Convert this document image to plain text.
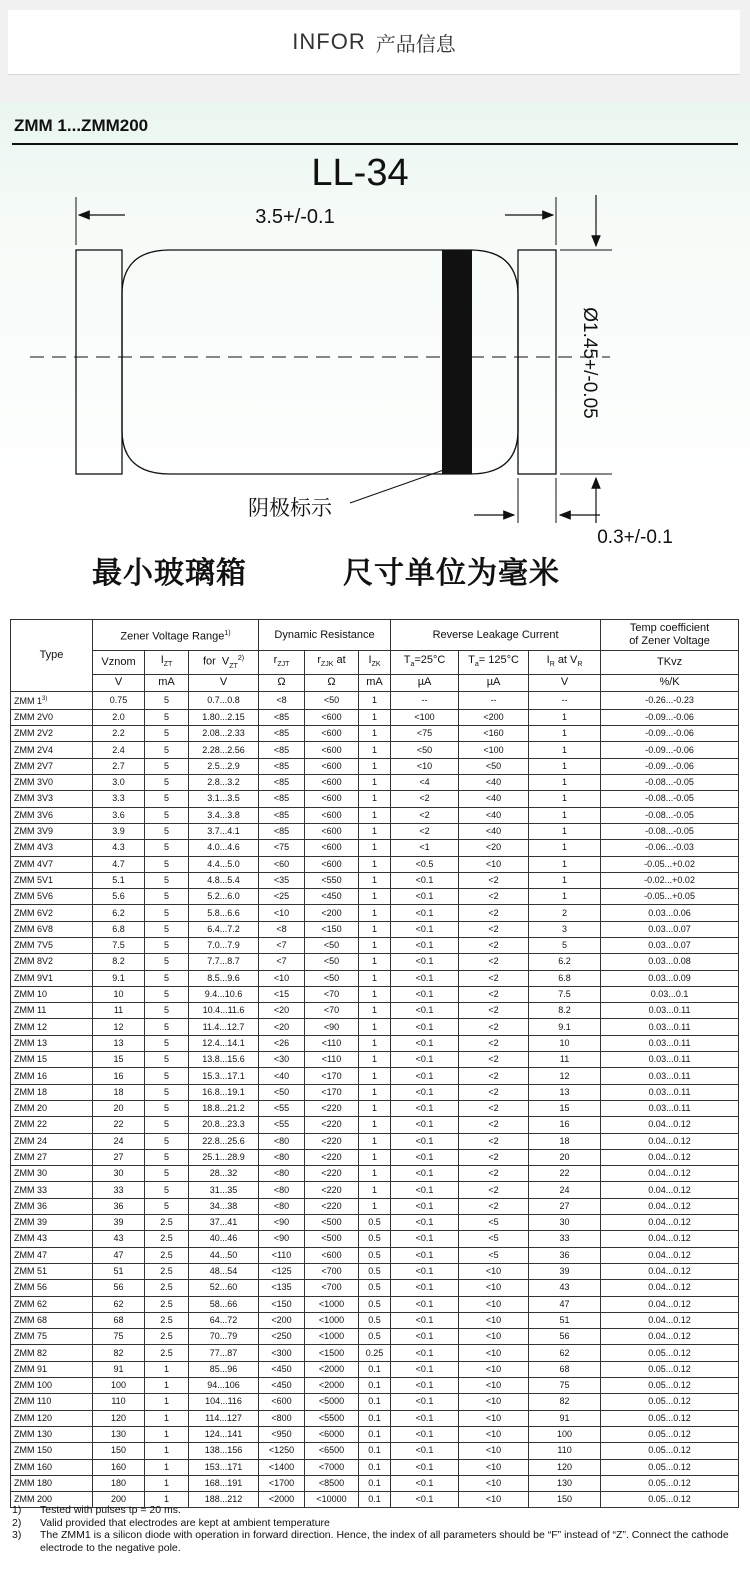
INFOR 产品信息
ZMM 1...ZMM200
LL-34
3.5+/-0.1
Ø1.45+/-0.05
0.3+/-0.1
阴极标示
最小玻璃箱	尺寸单位为毫米
Type	Zener Voltage Range$^{1)}$			Dynamic Resistance			Reverse Leakage Current			Temp coefficient
of Zener Voltage
	Vznom	$I_{ZT}$	for  $V_{ZT}^{2)}$	$r_{ZJT}$	$r_{ZJK}$ at	$I_{ZK}$	$T_a=25^\circ C$	$T_a= 125^\circ C$	$I_R$ at $V_R$	TKvz
	V	mA	V	Ω	Ω	mA	µA	µA	V	%/K
ZMM 1$^{3)}$	0.75	5	0.7...0.8	<8	<50	1	--	--	--	-0.26...-0.23
ZMM 2V0	2.0	5	1.80...2.15	<85	<600	1	<100	<200	1	-0.09...-0.06
ZMM 2V2	2.2	5	2.08...2.33	<85	<600	1	<75	<160	1	-0.09...-0.06
ZMM 2V4	2.4	5	2.28...2.56	<85	<600	1	<50	<100	1	-0.09...-0.06
ZMM 2V7	2.7	5	2.5...2.9	<85	<600	1	<10	<50	1	-0.09...-0.06
ZMM 3V0	3.0	5	2.8...3.2	<85	<600	1	<4	<40	1	-0.08...-0.05
ZMM 3V3	3.3	5	3.1...3.5	<85	<600	1	<2	<40	1	-0.08...-0.05
ZMM 3V6	3.6	5	3.4...3.8	<85	<600	1	<2	<40	1	-0.08...-0.05
ZMM 3V9	3.9	5	3.7...4.1	<85	<600	1	<2	<40	1	-0.08...-0.05
ZMM 4V3	4.3	5	4.0...4.6	<75	<600	1	<1	<20	1	-0.06...-0.03
ZMM 4V7	4.7	5	4.4...5.0	<60	<600	1	<0.5	<10	1	-0.05...+0.02
ZMM 5V1	5.1	5	4.8...5.4	<35	<550	1	<0.1	<2	1	-0.02...+0.02
ZMM 5V6	5.6	5	5.2...6.0	<25	<450	1	<0.1	<2	1	-0.05...+0.05
ZMM 6V2	6.2	5	5.8...6.6	<10	<200	1	<0.1	<2	2	0.03...0.06
ZMM 6V8	6.8	5	6.4...7.2	<8	<150	1	<0.1	<2	3	0.03...0.07
ZMM 7V5	7.5	5	7.0...7.9	<7	<50	1	<0.1	<2	5	0.03...0.07
ZMM 8V2	8.2	5	7.7...8.7	<7	<50	1	<0.1	<2	6.2	0.03...0.08
ZMM 9V1	9.1	5	8.5...9.6	<10	<50	1	<0.1	<2	6.8	0.03...0.09
ZMM 10	10	5	9.4...10.6	<15	<70	1	<0.1	<2	7.5	0.03...0.1
ZMM 11	11	5	10.4...11.6	<20	<70	1	<0.1	<2	8.2	0.03...0.11
ZMM 12	12	5	11.4...12.7	<20	<90	1	<0.1	<2	9.1	0.03...0.11
ZMM 13	13	5	12.4...14.1	<26	<110	1	<0.1	<2	10	0.03...0.11
ZMM 15	15	5	13.8...15.6	<30	<110	1	<0.1	<2	11	0.03...0.11
ZMM 16	16	5	15.3...17.1	<40	<170	1	<0.1	<2	12	0.03...0.11
ZMM 18	18	5	16.8...19.1	<50	<170	1	<0.1	<2	13	0.03...0.11
ZMM 20	20	5	18.8...21.2	<55	<220	1	<0.1	<2	15	0.03...0.11
ZMM 22	22	5	20.8...23.3	<55	<220	1	<0.1	<2	16	0.04...0.12
ZMM 24	24	5	22.8...25.6	<80	<220	1	<0.1	<2	18	0.04...0.12
ZMM 27	27	5	25.1...28.9	<80	<220	1	<0.1	<2	20	0.04...0.12
ZMM 30	30	5	28...32	<80	<220	1	<0.1	<2	22	0.04...0.12
ZMM 33	33	5	31...35	<80	<220	1	<0.1	<2	24	0.04...0.12
ZMM 36	36	5	34...38	<80	<220	1	<0.1	<2	27	0.04...0.12
ZMM 39	39	2.5	37...41	<90	<500	0.5	<0.1	<5	30	0.04...0.12
ZMM 43	43	2.5	40...46	<90	<500	0.5	<0.1	<5	33	0.04...0.12
ZMM 47	47	2.5	44...50	<110	<600	0.5	<0.1	<5	36	0.04...0.12
ZMM 51	51	2.5	48...54	<125	<700	0.5	<0.1	<10	39	0.04...0.12
ZMM 56	56	2.5	52...60	<135	<700	0.5	<0.1	<10	43	0.04...0.12
ZMM 62	62	2.5	58...66	<150	<1000	0.5	<0.1	<10	47	0.04...0.12
ZMM 68	68	2.5	64...72	<200	<1000	0.5	<0.1	<10	51	0.04...0.12
ZMM 75	75	2.5	70...79	<250	<1000	0.5	<0.1	<10	56	0.04...0.12
ZMM 82	82	2.5	77...87	<300	<1500	0.25	<0.1	<10	62	0.05...0.12
ZMM 91	91	1	85...96	<450	<2000	0.1	<0.1	<10	68	0.05...0.12
ZMM 100	100	1	94...106	<450	<2000	0.1	<0.1	<10	75	0.05...0.12
ZMM 110	110	1	104...116	<600	<5000	0.1	<0.1	<10	82	0.05...0.12
ZMM 120	120	1	114...127	<800	<5500	0.1	<0.1	<10	91	0.05...0.12
ZMM 130	130	1	124...141	<950	<6000	0.1	<0.1	<10	100	0.05...0.12
ZMM 150	150	1	138...156	<1250	<6500	0.1	<0.1	<10	110	0.05...0.12
ZMM 160	160	1	153...171	<1400	<7000	0.1	<0.1	<10	120	0.05...0.12
ZMM 180	180	1	168...191	<1700	<8500	0.1	<0.1	<10	130	0.05...0.12
ZMM 200	200	1	188...212	<2000	<10000	0.1	<0.1	<10	150	0.05...0.12
1)	Tested with pulses tp = 20 ms.
2)	Valid provided that electrodes are kept at ambient temperature
3)	The ZMM1 is a silicon diode with operation in forward direction. Hence, the index of all parameters should be “F” instead of “Z”. Connect the cathode electrode to the negative pole.
